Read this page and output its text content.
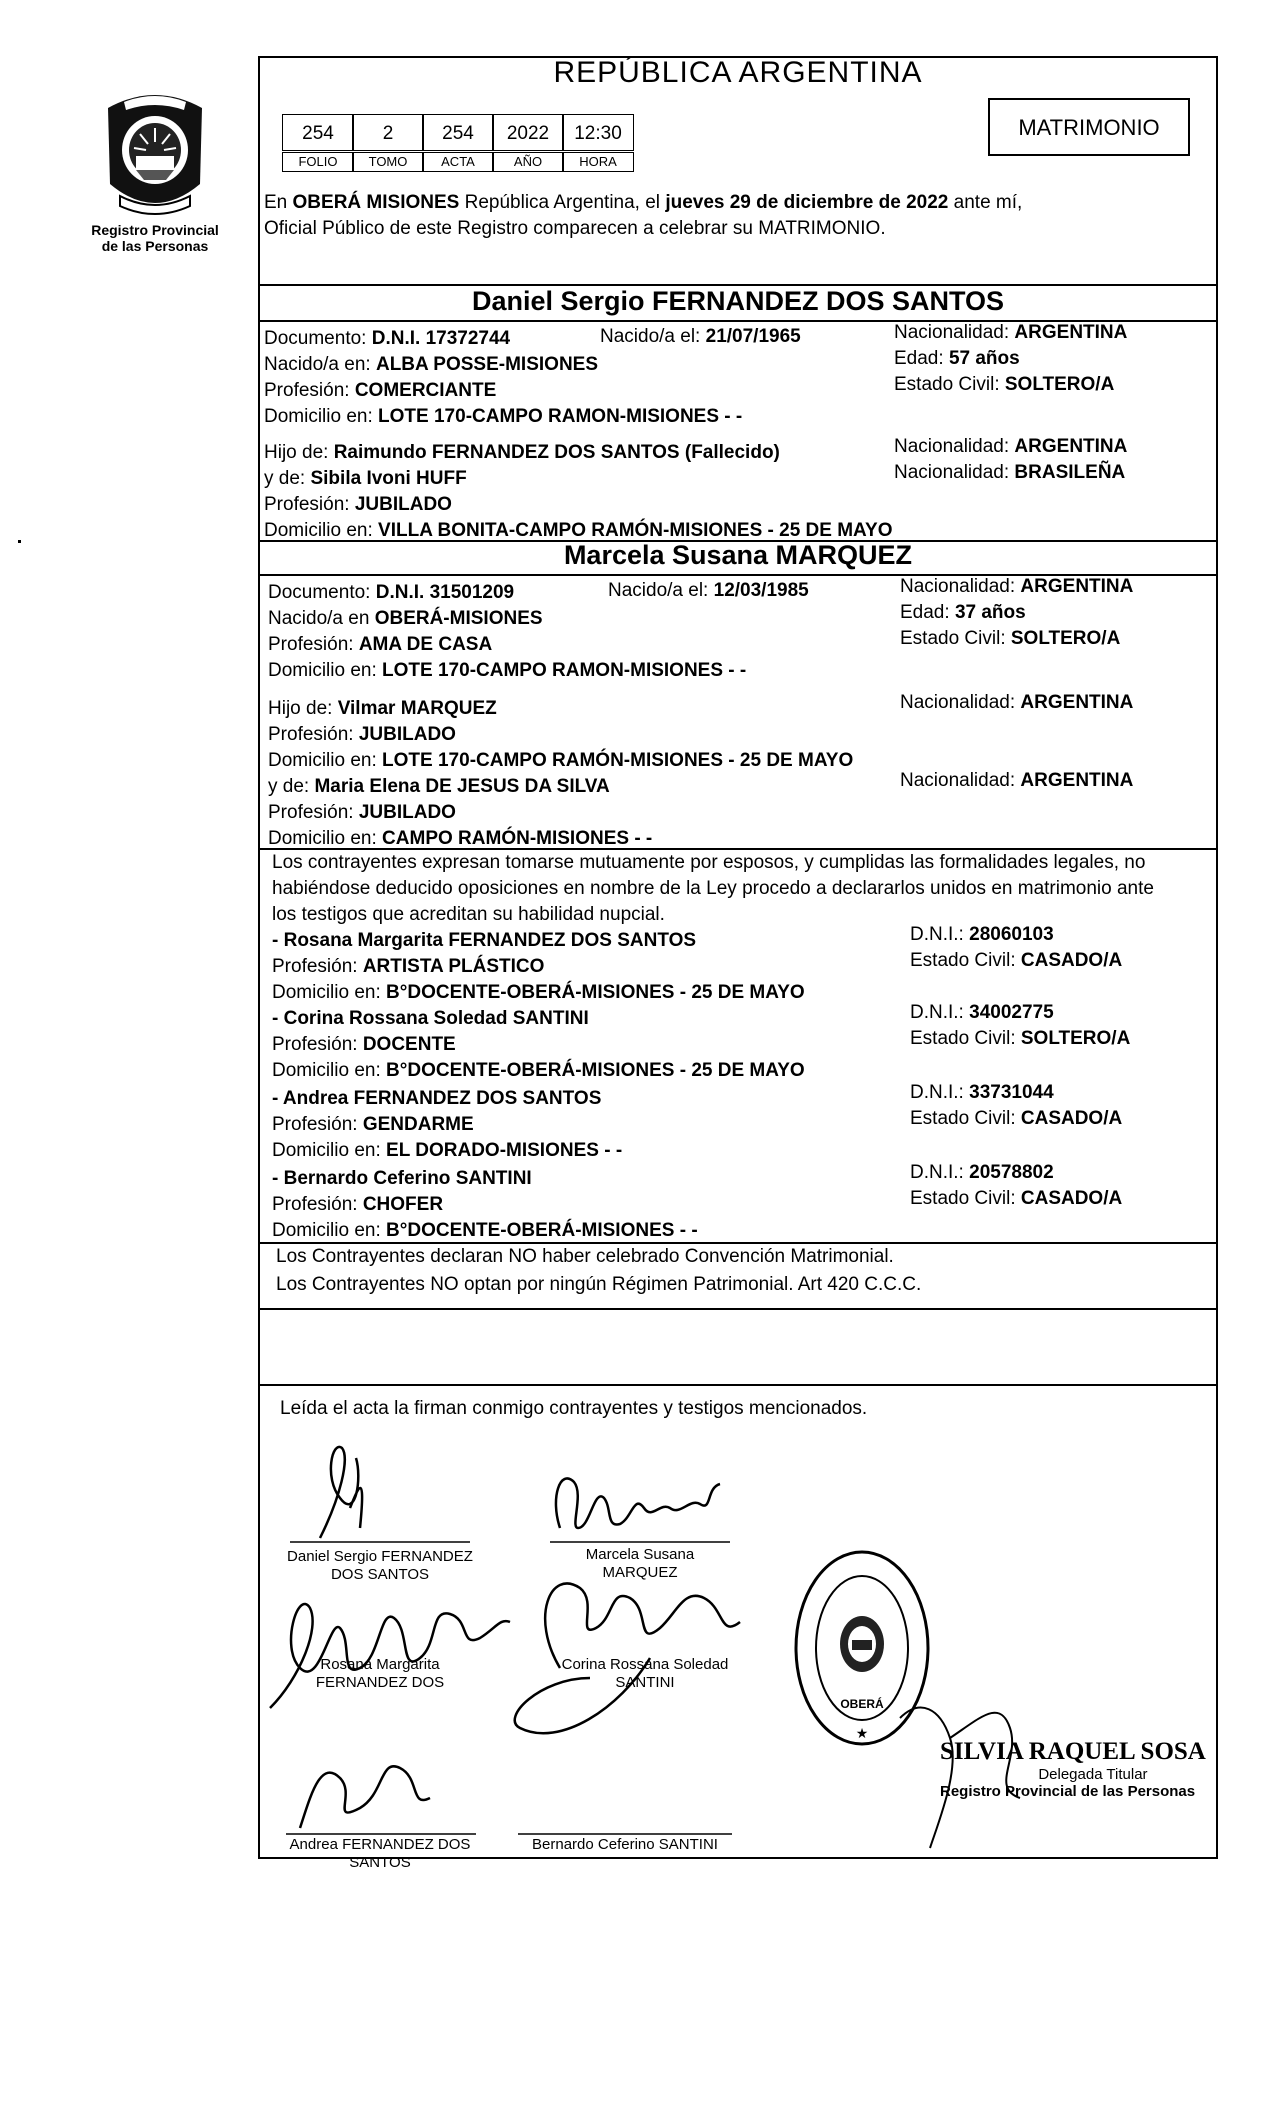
Registro Provincial
de las Personas
REPÚBLICA ARGENTINA
MATRIMONIO
254	2	254	2022	12:30
FOLIO	TOMO	ACTA	AÑO	HORA
En OBERÁ MISIONES República Argentina, el jueves 29 de diciembre de 2022 ante mí,
Oficial Público de este Registro comparecen a celebrar su MATRIMONIO.
Daniel Sergio FERNANDEZ DOS SANTOS
Documento: D.N.I. 17372744	Nacido/a el: 21/07/1965	Nacionalidad: ARGENTINA
Nacido/a en: ALBA POSSE-MISIONES	Edad: 57 años
Profesión: COMERCIANTE	Estado Civil: SOLTERO/A
Domicilio en: LOTE 170-CAMPO RAMON-MISIONES - -
Hijo de: Raimundo FERNANDEZ DOS SANTOS (Fallecido)	Nacionalidad: ARGENTINA
y de: Sibila Ivoni HUFF	Nacionalidad: BRASILEÑA
Profesión: JUBILADO
Domicilio en: VILLA BONITA-CAMPO RAMÓN-MISIONES - 25 DE MAYO
Marcela Susana MARQUEZ
Documento: D.N.I. 31501209	Nacido/a el: 12/03/1985	Nacionalidad: ARGENTINA
Nacido/a en OBERÁ-MISIONES	Edad: 37 años
Profesión: AMA DE CASA	Estado Civil: SOLTERO/A
Domicilio en: LOTE 170-CAMPO RAMON-MISIONES - -
Hijo de: Vilmar MARQUEZ	Nacionalidad: ARGENTINA
Profesión: JUBILADO
Domicilio en: LOTE 170-CAMPO RAMÓN-MISIONES - 25 DE MAYO
y de: Maria Elena DE JESUS DA SILVA	Nacionalidad: ARGENTINA
Profesión: JUBILADO
Domicilio en: CAMPO RAMÓN-MISIONES - -
Los contrayentes expresan tomarse mutuamente por esposos, y cumplidas las formalidades legales, no
habiéndose deducido oposiciones en nombre de la Ley procedo a declararlos unidos en matrimonio ante
los testigos que acreditan su habilidad nupcial.
- Rosana Margarita FERNANDEZ DOS SANTOS	D.N.I.: 28060103
Profesión: ARTISTA PLÁSTICO	Estado Civil: CASADO/A
Domicilio en: B°DOCENTE-OBERÁ-MISIONES - 25 DE MAYO
- Corina Rossana Soledad SANTINI	D.N.I.: 34002775
Profesión: DOCENTE	Estado Civil: SOLTERO/A
Domicilio en: B°DOCENTE-OBERÁ-MISIONES - 25 DE MAYO
- Andrea FERNANDEZ DOS SANTOS	D.N.I.: 33731044
Profesión: GENDARME	Estado Civil: CASADO/A
Domicilio en: EL DORADO-MISIONES - -
- Bernardo Ceferino SANTINI	D.N.I.: 20578802
Profesión: CHOFER	Estado Civil: CASADO/A
Domicilio en: B°DOCENTE-OBERÁ-MISIONES - -
Los Contrayentes declaran NO haber celebrado Convención Matrimonial.
Los Contrayentes NO optan por ningún Régimen Patrimonial. Art 420 C.C.C.
Leída el acta la firman conmigo contrayentes y testigos mencionados.
Daniel Sergio FERNANDEZ
DOS SANTOS
Marcela Susana
MARQUEZ
Rosana Margarita
FERNANDEZ DOS
Corina Rossana Soledad
SANTINI
Andrea FERNANDEZ DOS
SANTOS
Bernardo Ceferino SANTINI
OBERÁ
★
SILVIA RAQUEL SOSA
Delegada Titular
Registro Provincial de las Personas
